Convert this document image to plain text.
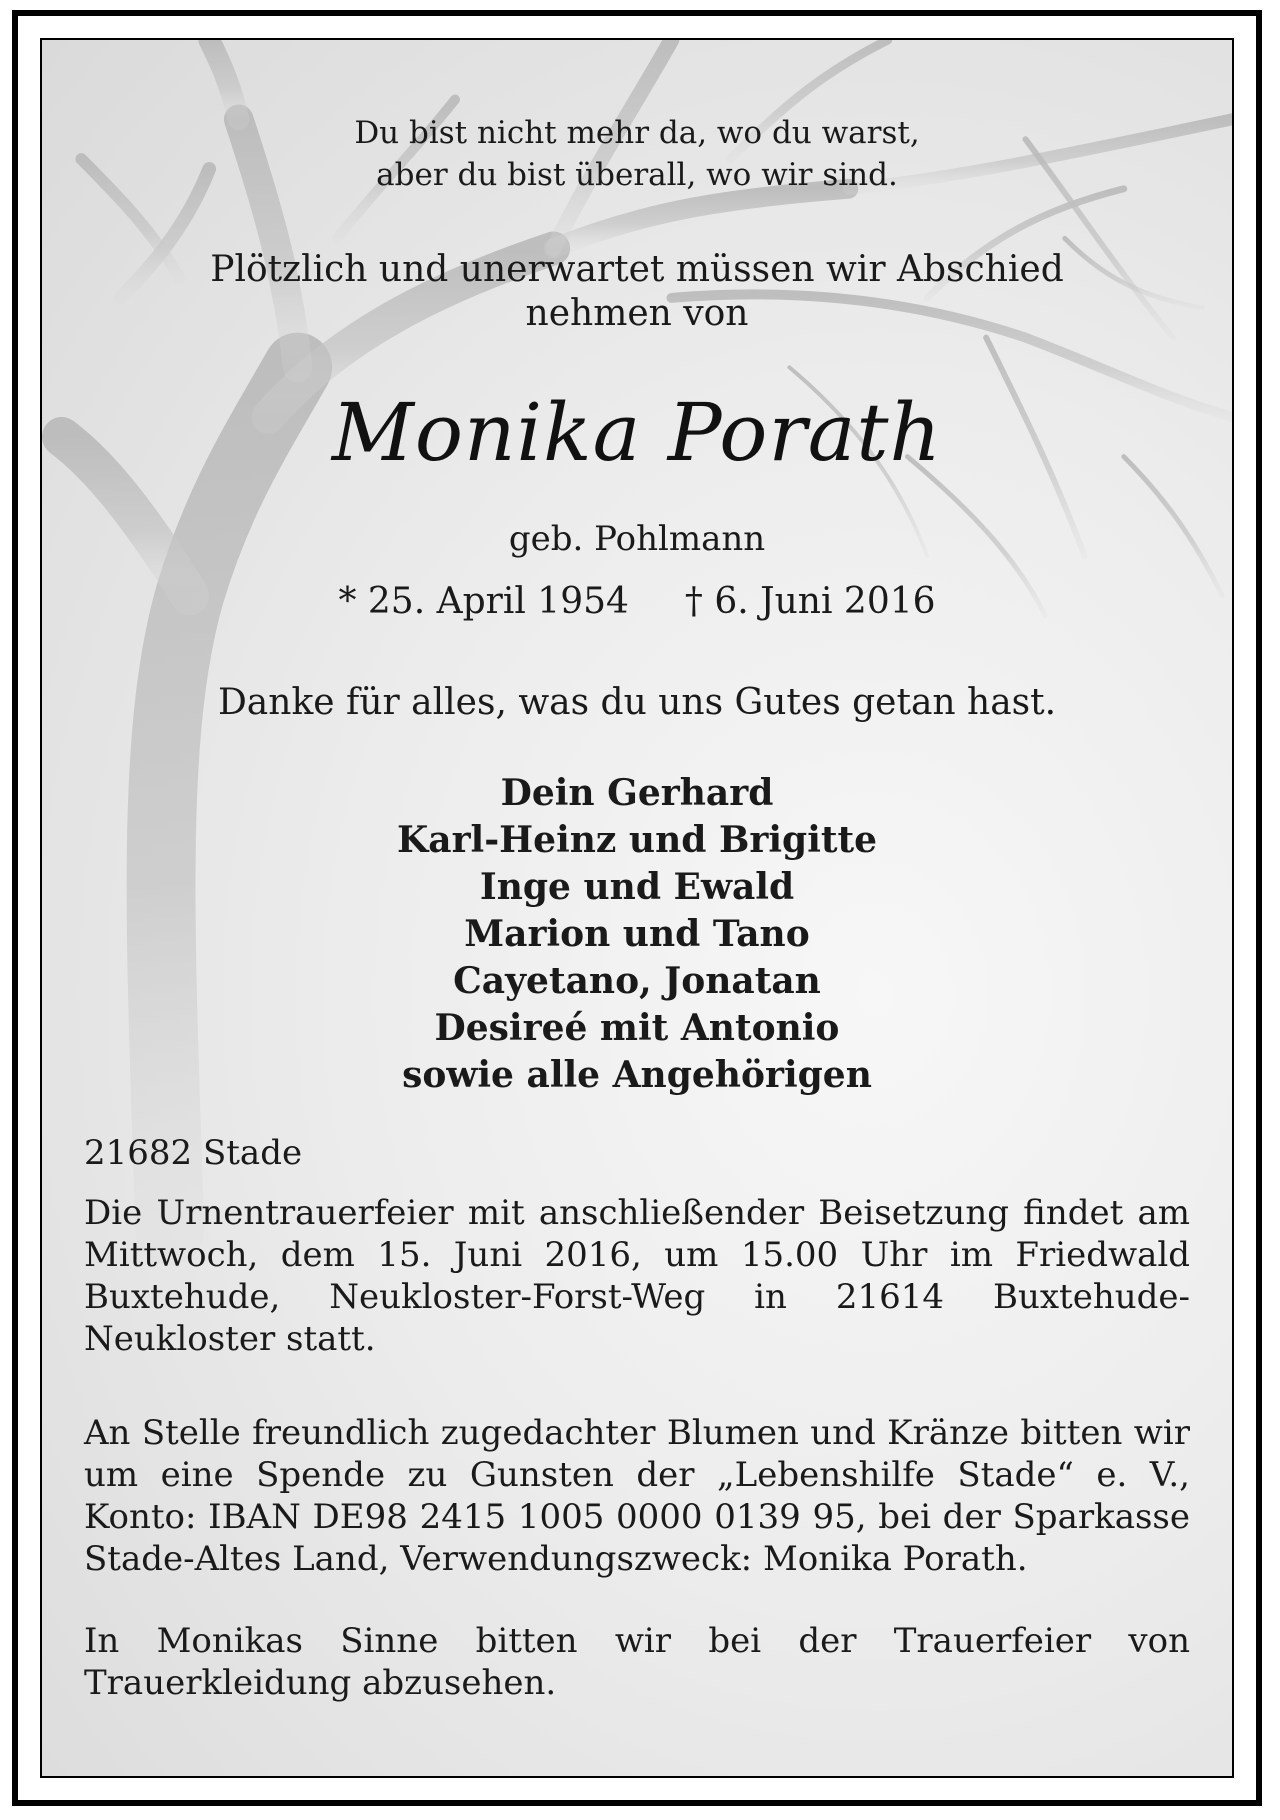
Du bist nicht mehr da, wo du warst,
aber du bist überall, wo wir sind.
Plötzlich und unerwartet müssen wir Abschied
nehmen von
Monika Porath
geb. Pohlmann
* 25. April 1954 † 6. Juni 2016
Danke für alles, was du uns Gutes getan hast.
Dein Gerhard
Karl-Heinz und Brigitte
Inge und Ewald
Marion und Tano
Cayetano, Jonatan
Desireé mit Antonio
sowie alle Angehörigen
21682 Stade
Die Urnentrauerfeier mit anschließender Beisetzung findet am Mittwoch, dem 15. Juni 2016, um 15.00 Uhr im Friedwald Buxtehude, Neukloster-Forst-Weg in 21614 Buxtehude-Neukloster statt.
An Stelle freundlich zugedachter Blumen und Kränze bitten wir um eine Spende zu Gunsten der „Lebenshilfe Stade“ e. V., Konto: IBAN DE98 2415 1005 0000 0139 95, bei der Sparkasse Stade-Altes Land, Verwendungszweck: Monika Porath.
In Monikas Sinne bitten wir bei der Trauerfeier von Trauerkleidung abzusehen.
